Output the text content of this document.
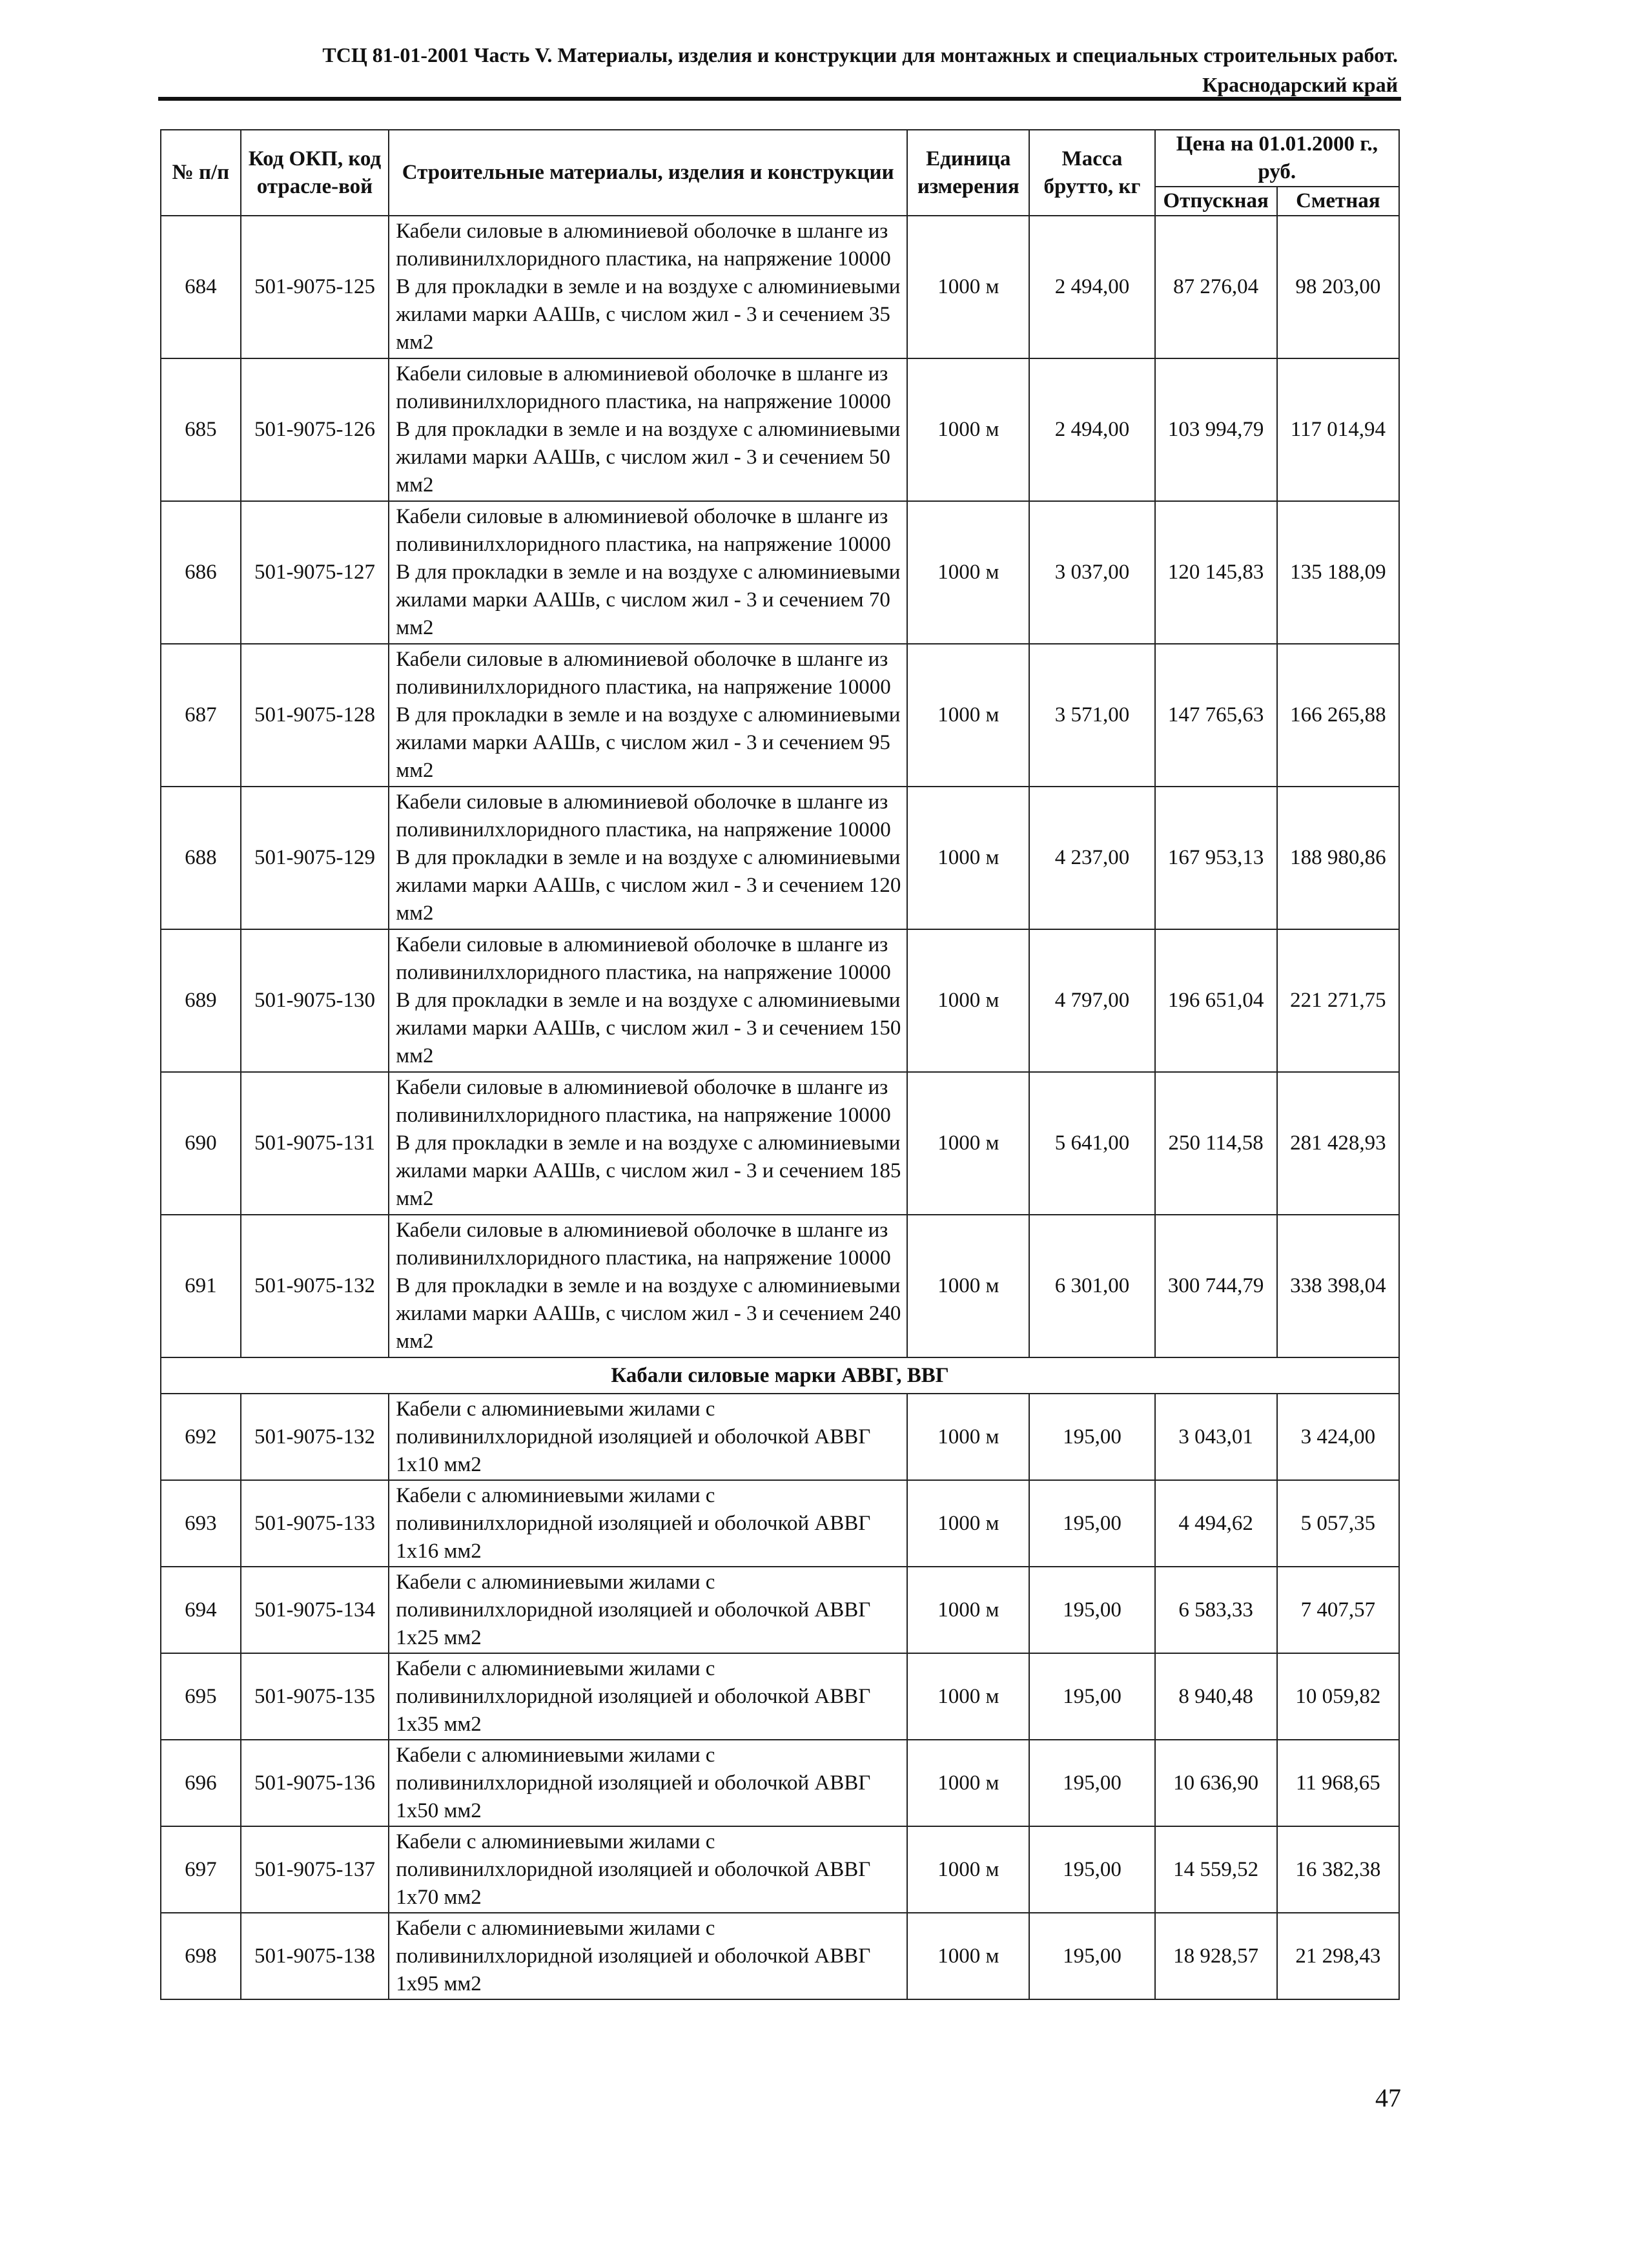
ТСЦ 81-01-2001 Часть V. Материалы, изделия и конструкции для монтажных и специальных строительных работ.
Краснодарский край
№ п/п	Код ОКП, код отрасле-вой	Строительные материалы, изделия и конструкции	Единица измерения	Масса брутто, кг	Цена на 01.01.2000 г., руб.	
					Отпускная	Сметная
684	501-9075-125	Кабели силовые в алюминиевой оболочке в шланге из поливинилхлоридного пластика, на напряжение 10000 В для прокладки в земле и на воздухе с алюминиевыми жилами марки ААШв, с числом жил - 3 и сечением 35 мм2	1000 м	2 494,00	87 276,04	98 203,00
685	501-9075-126	Кабели силовые в алюминиевой оболочке в шланге из поливинилхлоридного пластика, на напряжение 10000 В для прокладки в земле и на воздухе с алюминиевыми жилами марки ААШв, с числом жил - 3 и сечением 50 мм2	1000 м	2 494,00	103 994,79	117 014,94
686	501-9075-127	Кабели силовые в алюминиевой оболочке в шланге из поливинилхлоридного пластика, на напряжение 10000 В для прокладки в земле и на воздухе с алюминиевыми жилами марки ААШв, с числом жил - 3 и сечением 70 мм2	1000 м	3 037,00	120 145,83	135 188,09
687	501-9075-128	Кабели силовые в алюминиевой оболочке в шланге из поливинилхлоридного пластика, на напряжение 10000 В для прокладки в земле и на воздухе с алюминиевыми жилами марки ААШв, с числом жил - 3 и сечением 95 мм2	1000 м	3 571,00	147 765,63	166 265,88
688	501-9075-129	Кабели силовые в алюминиевой оболочке в шланге из поливинилхлоридного пластика, на напряжение 10000 В для прокладки в земле и на воздухе с алюминиевыми жилами марки ААШв, с числом жил - 3 и сечением 120 мм2	1000 м	4 237,00	167 953,13	188 980,86
689	501-9075-130	Кабели силовые в алюминиевой оболочке в шланге из поливинилхлоридного пластика, на напряжение 10000 В для прокладки в земле и на воздухе с алюминиевыми жилами марки ААШв, с числом жил - 3 и сечением 150 мм2	1000 м	4 797,00	196 651,04	221 271,75
690	501-9075-131	Кабели силовые в алюминиевой оболочке в шланге из поливинилхлоридного пластика, на напряжение 10000 В для прокладки в земле и на воздухе с алюминиевыми жилами марки ААШв, с числом жил - 3 и сечением 185 мм2	1000 м	5 641,00	250 114,58	281 428,93
691	501-9075-132	Кабели силовые в алюминиевой оболочке в шланге из поливинилхлоридного пластика, на напряжение 10000 В для прокладки в земле и на воздухе с алюминиевыми жилами марки ААШв, с числом жил - 3 и сечением 240 мм2	1000 м	6 301,00	300 744,79	338 398,04
Кабали силовые марки АВВГ, ВВГ						
692	501-9075-132	Кабели с алюминиевыми жилами с поливинилхлоридной изоляцией и оболочкой АВВГ 1х10 мм2	1000 м	195,00	3 043,01	3 424,00
693	501-9075-133	Кабели с алюминиевыми жилами с поливинилхлоридной изоляцией и оболочкой АВВГ 1х16 мм2	1000 м	195,00	4 494,62	5 057,35
694	501-9075-134	Кабели с алюминиевыми жилами с поливинилхлоридной изоляцией и оболочкой АВВГ 1х25 мм2	1000 м	195,00	6 583,33	7 407,57
695	501-9075-135	Кабели с алюминиевыми жилами с поливинилхлоридной изоляцией и оболочкой АВВГ 1х35 мм2	1000 м	195,00	8 940,48	10 059,82
696	501-9075-136	Кабели с алюминиевыми жилами с поливинилхлоридной изоляцией и оболочкой АВВГ 1х50 мм2	1000 м	195,00	10 636,90	11 968,65
697	501-9075-137	Кабели с алюминиевыми жилами с поливинилхлоридной изоляцией и оболочкой АВВГ 1х70 мм2	1000 м	195,00	14 559,52	16 382,38
698	501-9075-138	Кабели с алюминиевыми жилами с поливинилхлоридной изоляцией и оболочкой АВВГ 1х95 мм2	1000 м	195,00	18 928,57	21 298,43
47
